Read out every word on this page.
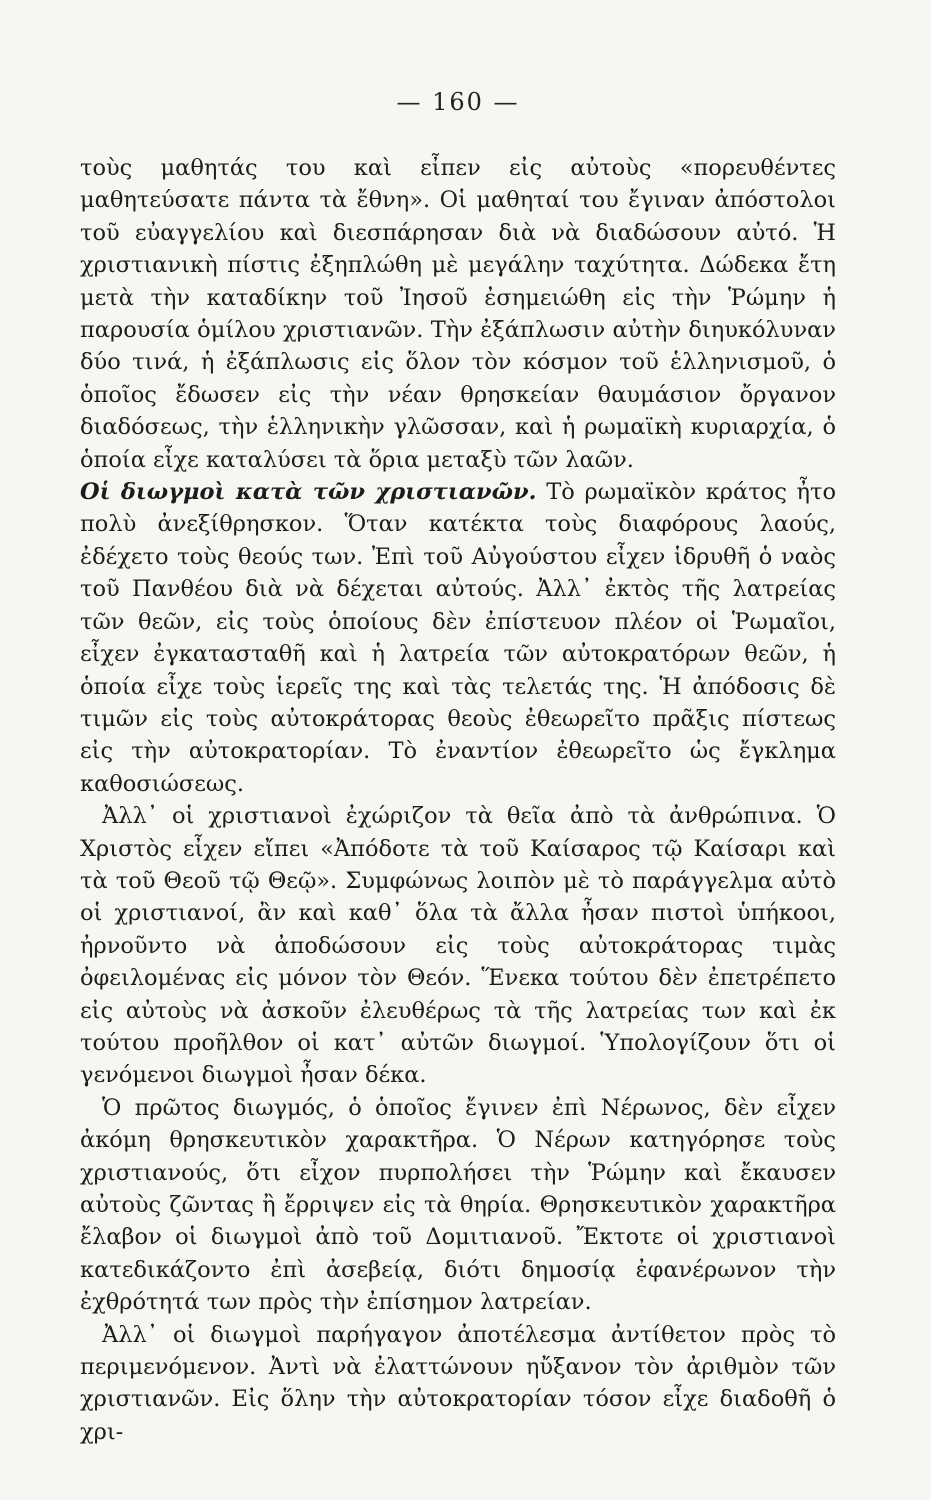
— 160 —

τοὺς μαθητάς του καὶ εἶπεν εἰς αὐτοὺς «πορευθέντες μαθητεύσατε πάντα τὰ ἔθνη». Οἱ μαθηταί του ἔγιναν ἀπόστολοι τοῦ εὐαγγελίου καὶ διεσπάρησαν διὰ νὰ διαδώσουν αὐτό. Ἡ χριστιανικὴ πίστις ἐξηπλώθη μὲ μεγάλην ταχύτητα. Δώδεκα ἔτη μετὰ τὴν καταδίκην τοῦ Ἰησοῦ ἐσημειώθη εἰς τὴν Ῥώμην ἡ παρουσία ὁμίλου χριστιανῶν. Τὴν ἐξάπλωσιν αὐτὴν διηυκόλυναν δύο τινά, ἡ ἐξάπλωσις εἰς ὅλον τὸν κόσμον τοῦ ἑλληνισμοῦ, ὁ ὁποῖος ἔδωσεν εἰς τὴν νέαν θρησκείαν θαυμάσιον ὄργανον διαδόσεως, τὴν ἑλληνικὴν γλῶσσαν, καὶ ἡ ρωμαϊκὴ κυριαρχία, ὁ ὁποία εἶχε καταλύσει τὰ ὅρια μεταξὺ τῶν λαῶν.

Οἱ διωγμοὶ κατὰ τῶν χριστιανῶν. Τὸ ρωμαϊκὸν κράτος ἦτο πολὺ ἀνεξίθρησκον. Ὅταν κατέκτα τοὺς διαφόρους λαούς, ἐδέχετο τοὺς θεούς των. Ἐπὶ τοῦ Αὐγούστου εἶχεν ἱδρυθῆ ὁ ναὸς τοῦ Πανθέου διὰ νὰ δέχεται αὐτούς. Ἀλλ᾽ ἐκτὸς τῆς λατρείας τῶν θεῶν, εἰς τοὺς ὁποίους δὲν ἐπίστευον πλέον οἱ Ῥωμαῖοι, εἶχεν ἐγκατασταθῆ καὶ ἡ λατρεία τῶν αὐτοκρατόρων θεῶν, ἡ ὁποία εἶχε τοὺς ἱερεῖς της καὶ τὰς τελετάς της. Ἡ ἀπόδοσις δὲ τιμῶν εἰς τοὺς αὐτοκράτορας θεοὺς ἐθεωρεῖτο πρᾶξις πίστεως εἰς τὴν αὐτοκρατορίαν. Τὸ ἐναντίον ἐθεωρεῖτο ὡς ἔγκλημα καθοσιώσεως.

Ἀλλ᾽ οἱ χριστιανοὶ ἐχώριζον τὰ θεῖα ἀπὸ τὰ ἀνθρώπινα. Ὁ Χριστὸς εἶχεν εἴπει «Ἀπόδοτε τὰ τοῦ Καίσαρος τῷ Καίσαρι καὶ τὰ τοῦ Θεοῦ τῷ Θεῷ». Συμφώνως λοιπὸν μὲ τὸ παράγγελμα αὐτὸ οἱ χριστιανοί, ἂν καὶ καθ᾽ ὅλα τὰ ἄλλα ἦσαν πιστοὶ ὑπήκοοι, ἠρνοῦντο νὰ ἀποδώσουν εἰς τοὺς αὐτοκράτορας τιμὰς ὀφειλομένας εἰς μόνον τὸν Θεόν. Ἕνεκα τούτου δὲν ἐπετρέπετο εἰς αὐτοὺς νὰ ἀσκοῦν ἐλευθέρως τὰ τῆς λατρείας των καὶ ἐκ τούτου προῆλθον οἱ κατ᾽ αὐτῶν διωγμοί. Ὑπολογίζουν ὅτι οἱ γενόμενοι διωγμοὶ ἦσαν δέκα.

Ὁ πρῶτος διωγμός, ὁ ὁποῖος ἔγινεν ἐπὶ Νέρωνος, δὲν εἶχεν ἀκόμη θρησκευτικὸν χαρακτῆρα. Ὁ Νέρων κατηγόρησε τοὺς χριστιανούς, ὅτι εἶχον πυρπολήσει τὴν Ῥώμην καὶ ἔκαυσεν αὐτοὺς ζῶντας ἢ ἔρριψεν εἰς τὰ θηρία. Θρησκευτικὸν χαρακτῆρα ἔλαβον οἱ διωγμοὶ ἀπὸ τοῦ Δομιτιανοῦ. Ἔκτοτε οἱ χριστιανοὶ κατεδικάζοντο ἐπὶ ἀσεβείᾳ, διότι δημοσίᾳ ἐφανέρωνον τὴν ἐχθρότητά των πρὸς τὴν ἐπίσημον λατρείαν.

Ἀλλ᾽ οἱ διωγμοὶ παρήγαγον ἀποτέλεσμα ἀντίθετον πρὸς τὸ περιμενόμενον. Ἀντὶ νὰ ἐλαττώνουν ηὔξανον τὸν ἀριθμὸν τῶν χριστιανῶν. Εἰς ὅλην τὴν αὐτοκρατορίαν τόσον εἶχε διαδοθῆ ὁ χρι-
